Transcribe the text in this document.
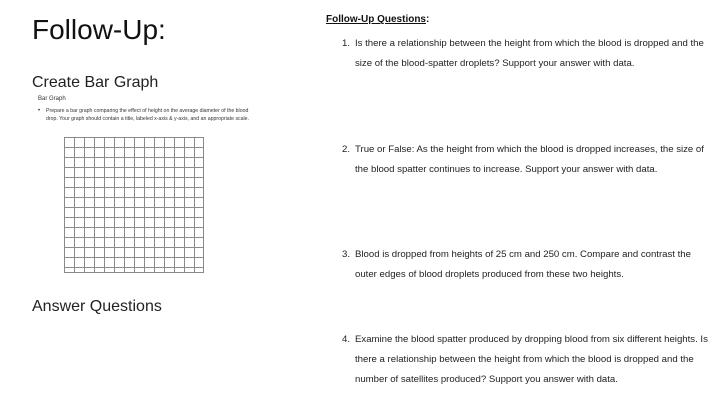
Follow-Up:
Create Bar Graph
Answer Questions
Bar Graph
• Prepare a bar graph comparing the effect of height on the average diameter of the blood drop. Your graph should contain a title, labeled x-axis & y-axis, and an appropriate scale.
Follow-Up Questions:
1. Is there a relationship between the height from which the blood is dropped and the size of the blood-spatter droplets? Support your answer with data.
2. True or False: As the height from which the blood is dropped increases, the size of the blood spatter continues to increase. Support your answer with data.
3. Blood is dropped from heights of 25 cm and 250 cm. Compare and contrast the outer edges of blood droplets produced from these two heights.
4. Examine the blood spatter produced by dropping blood from six different heights. Is there a relationship between the height from which the blood is dropped and the number of satellites produced? Support you answer with data.
